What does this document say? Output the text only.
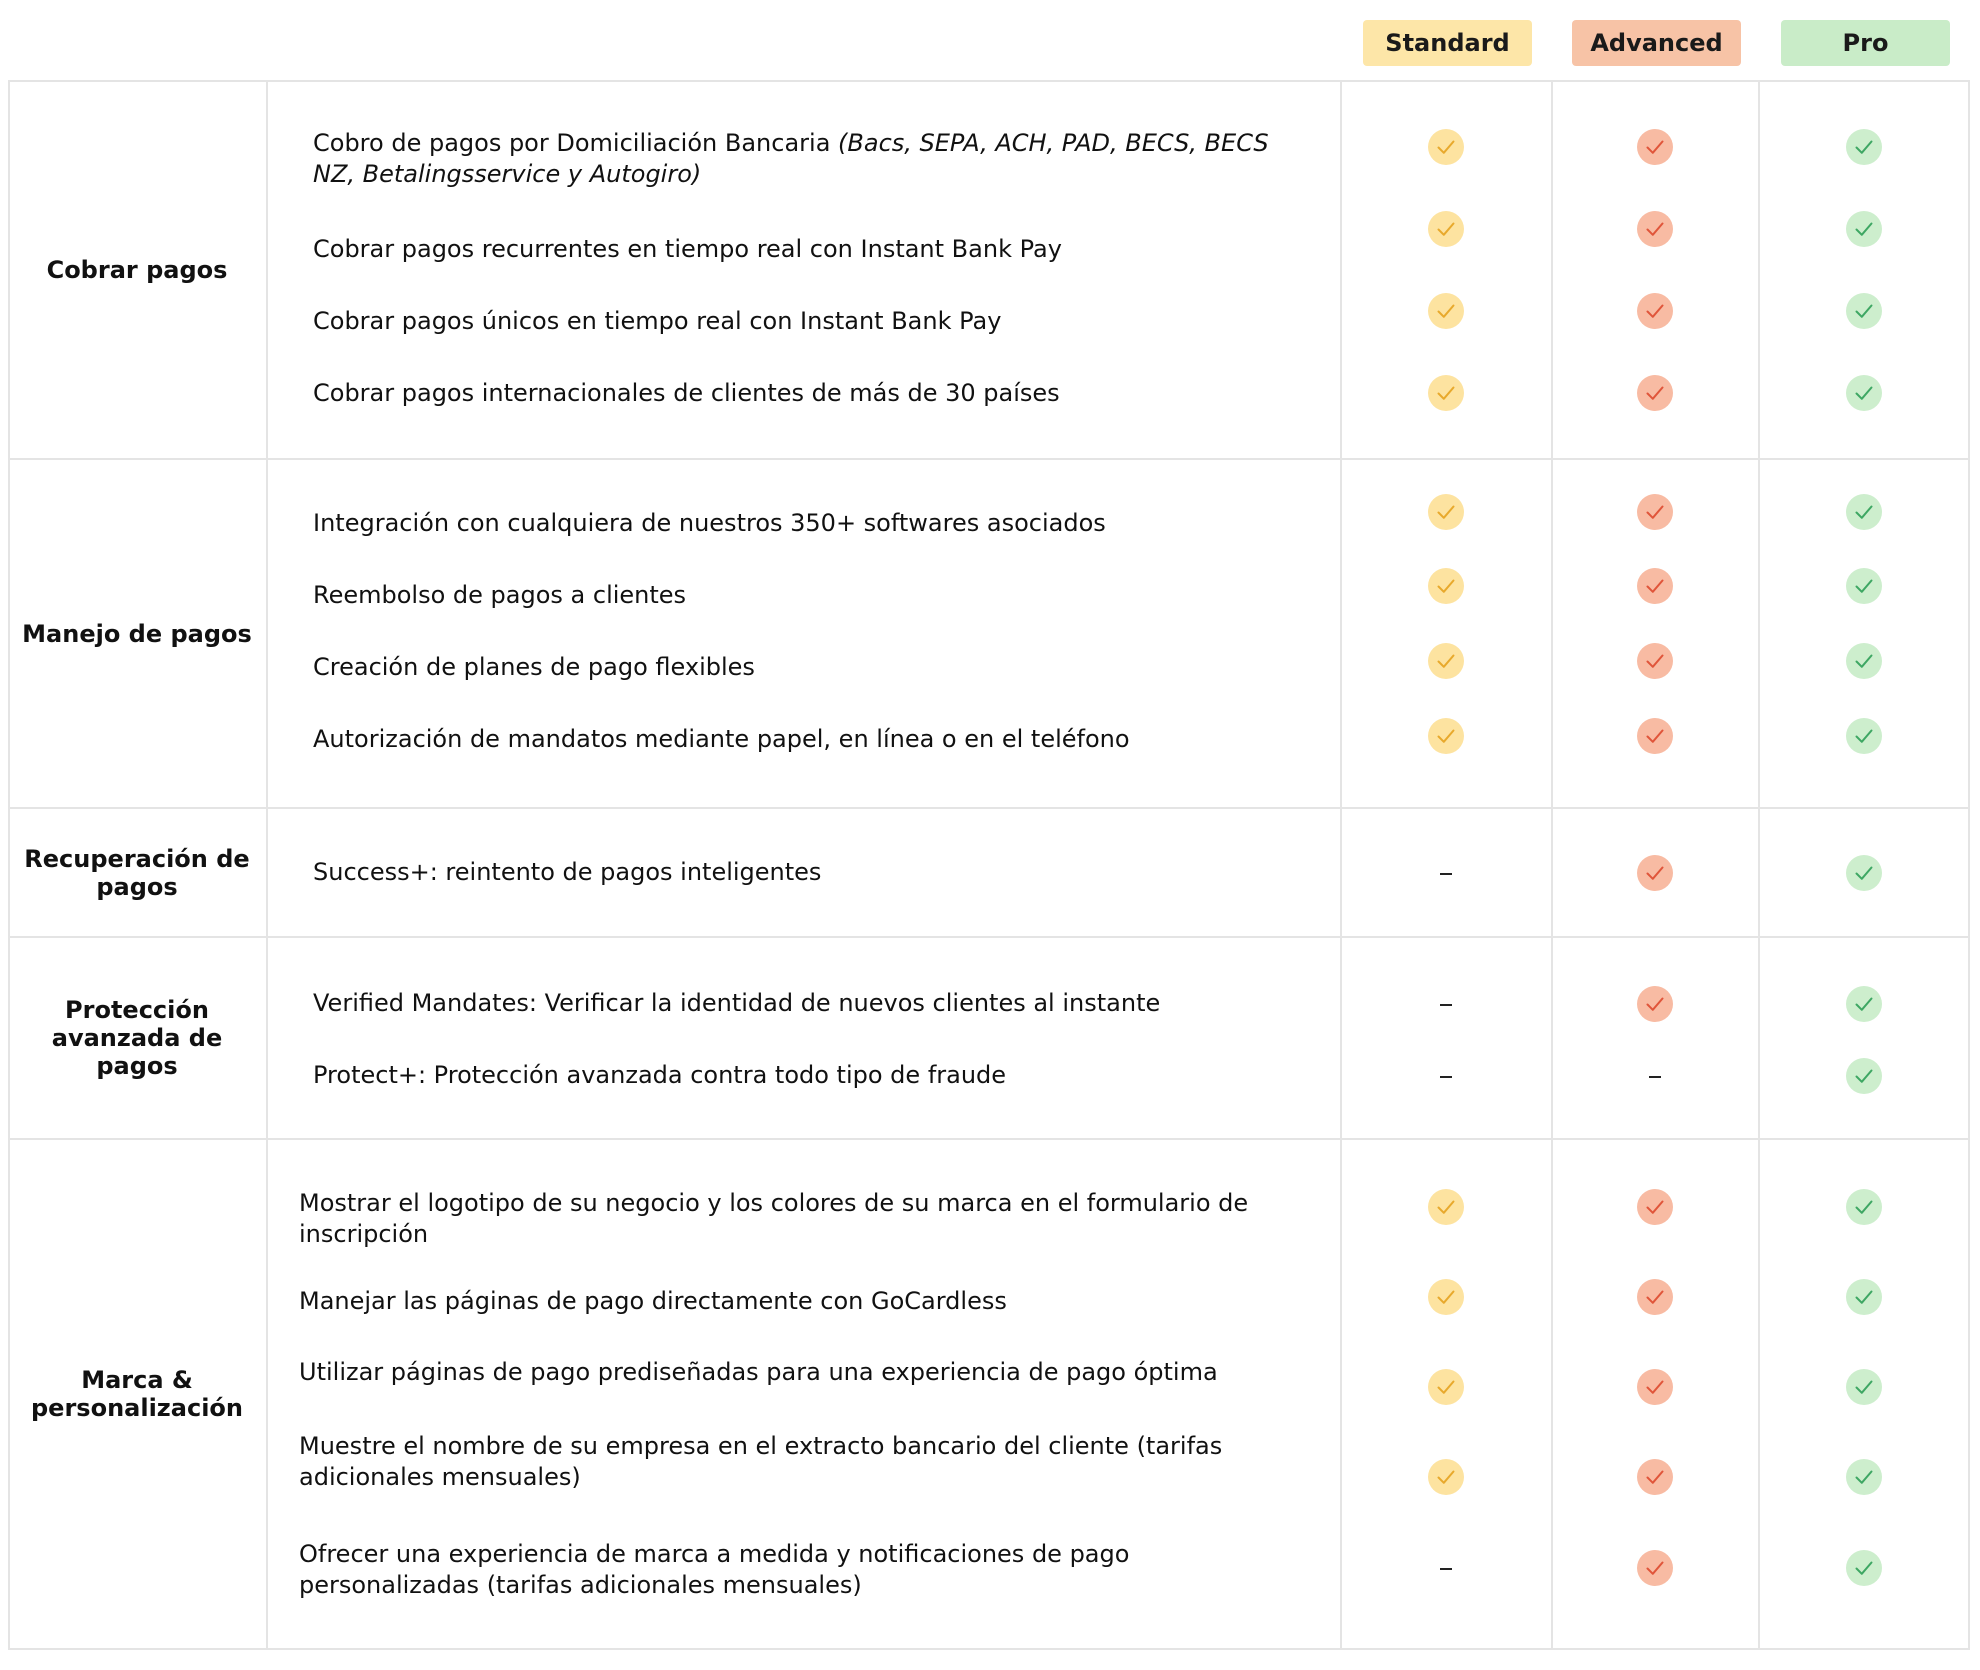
Standard	Advanced	Pro
Cobrar pagos
Cobro de pagos por Domiciliación Bancaria (Bacs, SEPA, ACH, PAD, BECS, BECS NZ, Betalingsservice y Autogiro)
Cobrar pagos recurrentes en tiempo real con Instant Bank Pay
Cobrar pagos únicos en tiempo real con Instant Bank Pay
Cobrar pagos internacionales de clientes de más de 30 países
Manejo de pagos
Integración con cualquiera de nuestros 350+ softwares asociados
Reembolso de pagos a clientes
Creación de planes de pago flexibles
Autorización de mandatos mediante papel, en línea o en el teléfono
Recuperación de pagos
Success+: reintento de pagos inteligentes
Protección avanzada de pagos
Verified Mandates: Verificar la identidad de nuevos clientes al instante
Protect+: Protección avanzada contra todo tipo de fraude
Marca & personalización
Mostrar el logotipo de su negocio y los colores de su marca en el formulario de inscripción
Manejar las páginas de pago directamente con GoCardless
Utilizar páginas de pago prediseñadas para una experiencia de pago óptima
Muestre el nombre de su empresa en el extracto bancario del cliente (tarifas adicionales mensuales)
Ofrecer una experiencia de marca a medida y notificaciones de pago personalizadas (tarifas adicionales mensuales)
